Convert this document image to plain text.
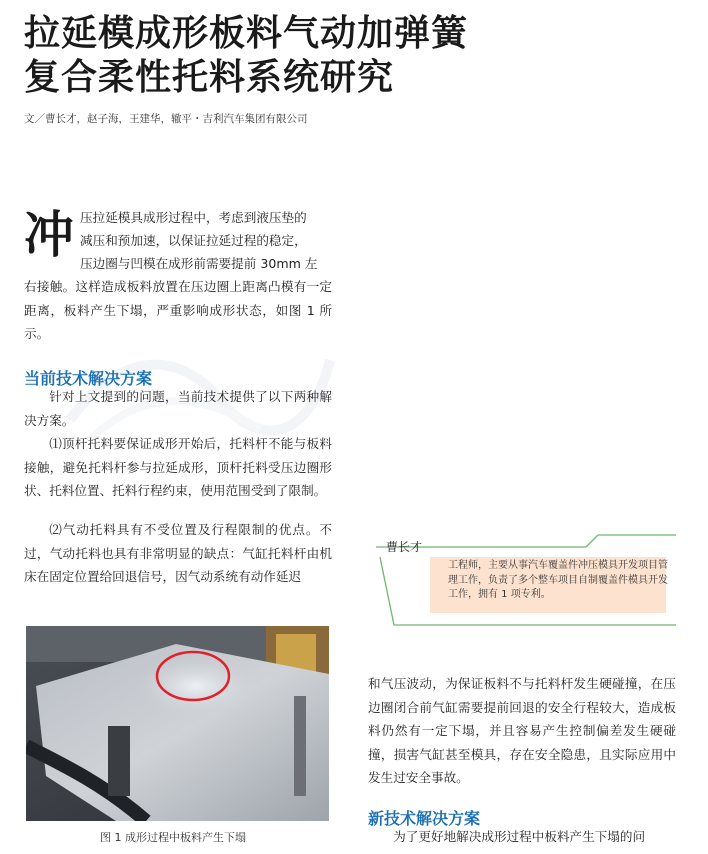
拉延模成形板料气动加弹簧
复合柔性托料系统研究
文／曹长才，赵子海，王建华，辙平・吉利汽车集团有限公司
冲 压拉延模具成形过程中，考虑到液压垫的
减压和预加速，以保证拉延过程的稳定，
压边圈与凹模在成形前需要提前 30mm 左
右接触。这样造成板料放置在压边圈上距离凸模有一定距离，板料产生下塌，严重影响成形状态，如图 1 所示。
当前技术解决方案
针对上文提到的问题，当前技术提供了以下两种解决方案。
⑴顶杆托料要保证成形开始后，托料杆不能与板料接触，避免托料杆参与拉延成形，顶杆托料受压边圈形状、托料位置、托料行程约束，使用范围受到了限制。
⑵气动托料具有不受位置及行程限制的优点。不过，气动托料也具有非常明显的缺点：气缸托料杆由机床在固定位置给回退信号，因气动系统有动作延迟
曹长才
工程师，主要从事汽车覆盖件冲压模具开发项目管理工作，负责了多个整车项目自制覆盖件模具开发工作，拥有 1 项专利。
图 1 成形过程中板料产生下塌
和气压波动，为保证板料不与托料杆发生硬碰撞，在压边圈闭合前气缸需要提前回退的安全行程较大，造成板料仍然有一定下塌，并且容易产生控制偏差发生硬碰撞，损害气缸甚至模具，存在安全隐患，且实际应用中发生过安全事故。
新技术解决方案
为了更好地解决成形过程中板料产生下塌的问
